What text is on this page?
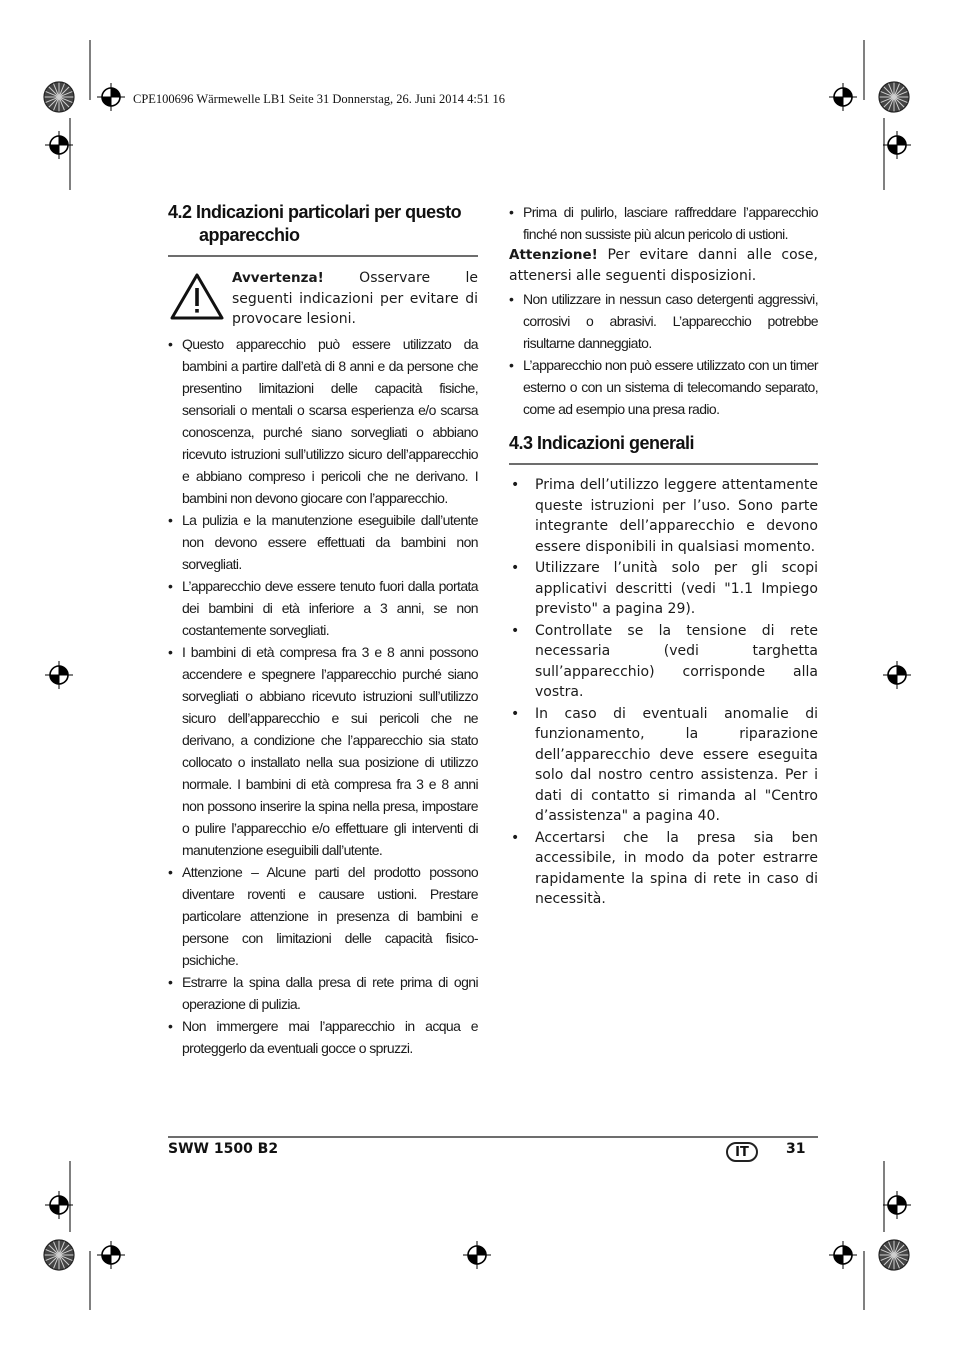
CPE100696 Wärmewelle LB1 Seite 31 Donnerstag, 26. Juni 2014 4:51 16
4.2 Indicazioni particolari per questo
apparecchio
Avvertenza!	Osservare le seguenti indicazioni per evitare di provocare lesioni.
• Questo apparecchio può essere utilizzato da bambini a partire dall’età di 8 anni e da persone che presentino limitazioni delle capacità fisiche, sensoriali o mentali o scarsa esperienza e/o scarsa conoscenza, purché siano sorvegliati o abbiano ricevuto istruzioni sull’utilizzo sicuro dell’apparecchio e abbiano compreso i pericoli che ne derivano. I bambini non devono giocare con l’apparecchio.
• La pulizia e la manutenzione eseguibile dall’utente non devono essere effettuati da bambini non sorvegliati.
• L’apparecchio deve essere tenuto fuori dalla portata dei bambini di età inferiore a 3 anni, se non costantemente sorvegliati.
• I bambini di età compresa fra 3 e 8 anni possono accendere e spegnere l’apparecchio purché siano sorvegliati o abbiano ricevuto istruzioni sull’utilizzo sicuro dell’apparecchio e sui pericoli che ne derivano, a condizione che l’apparecchio sia stato collocato o installato nella sua posizione di utilizzo normale. I bambini di età compresa fra 3 e 8 anni non possono inserire la spina nella presa, impostare o pulire l’apparecchio e/o effettuare gli interventi di manutenzione eseguibili dall’utente.
• Attenzione – Alcune parti del prodotto possono diventare roventi e causare ustioni. Prestare particolare attenzione in presenza di bambini e persone con limitazioni delle capacità fisico-psichiche.
• Estrarre la spina dalla presa di rete prima di ogni operazione di pulizia.
• Non immergere mai l’apparecchio in acqua e proteggerlo da eventuali gocce o spruzzi.
• Prima di pulirlo, lasciare raffreddare l’apparecchio finché non sussiste più alcun pericolo di ustioni.
Attenzione! Per evitare danni alle cose, attenersi alle seguenti disposizioni.
• Non utilizzare in nessun caso detergenti aggressivi, corrosivi o abrasivi. L’apparecchio potrebbe risultarne danneggiato.
• L’apparecchio non può essere utilizzato con un timer esterno o con un sistema di telecomando separato, come ad esempio una presa radio.
4.3 Indicazioni generali
• Prima dell’utilizzo leggere attentamente queste istruzioni per l’uso. Sono parte integrante dell’apparecchio e devono essere disponibili in qualsiasi momento.
• Utilizzare l’unità solo per gli scopi applicativi descritti (vedi "1.1 Impiego previsto" a pagina 29).
• Controllate se la tensione di rete necessaria (vedi targhetta sull’apparecchio) corrisponde alla vostra.
• In caso di eventuali anomalie di funzionamento, la riparazione dell’apparecchio deve essere eseguita solo dal nostro centro assistenza. Per i dati di contatto si rimanda al "Centro d’assistenza" a pagina 40.
• Accertarsi che la presa sia ben accessibile, in modo da poter estrarre rapidamente la spina di rete in caso di necessità.
SWW 1500 B2	IT	31
